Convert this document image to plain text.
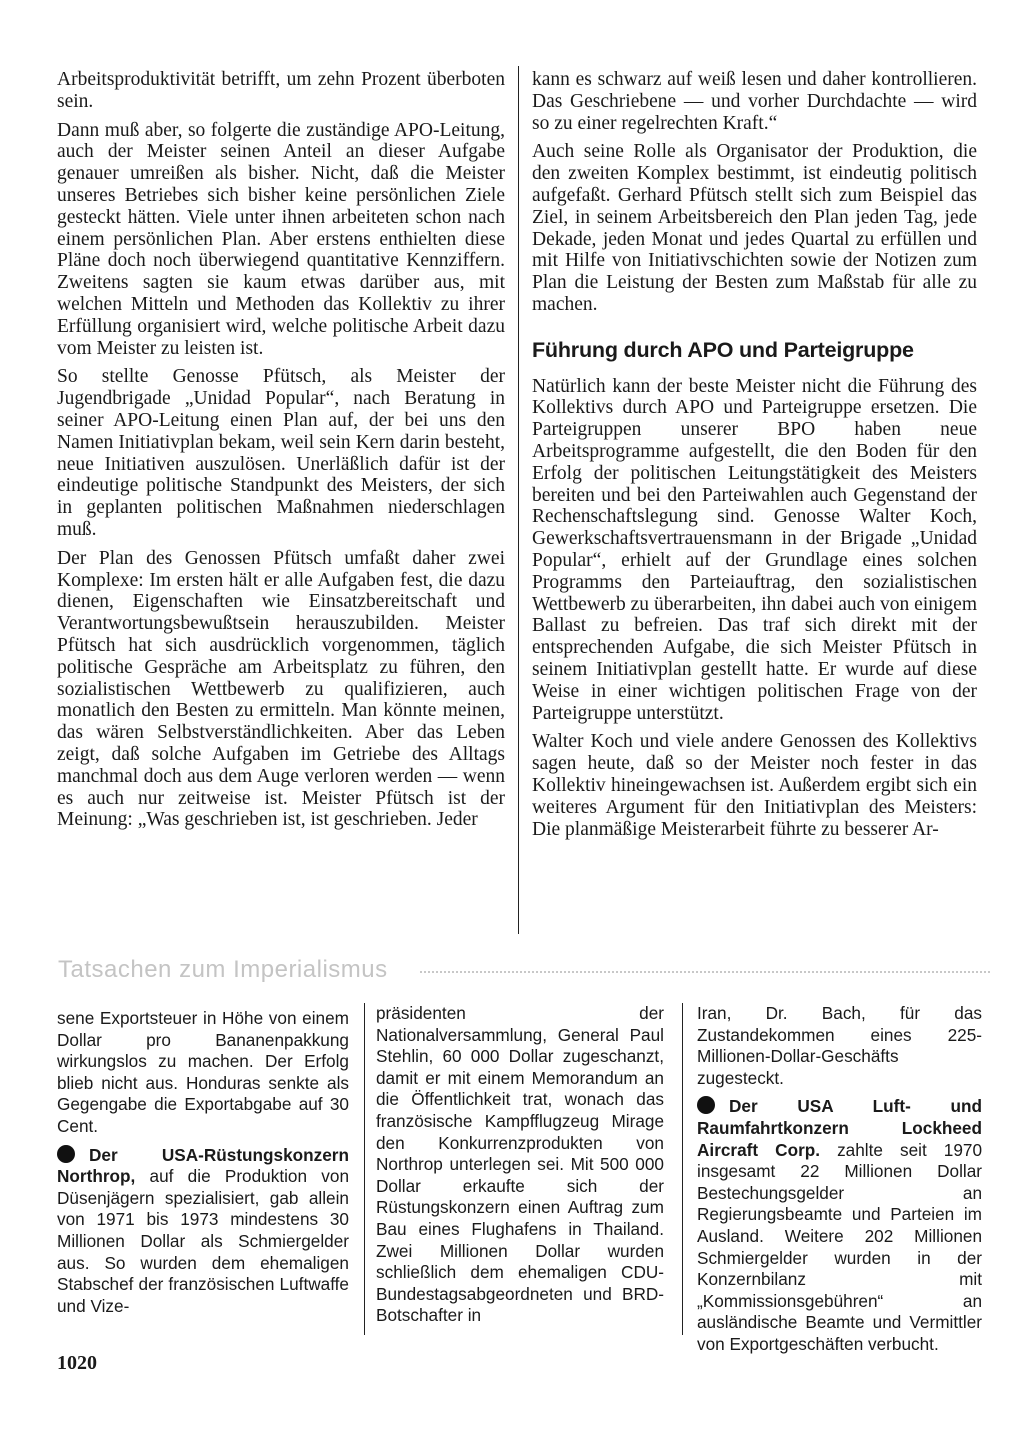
Arbeitsproduktivität betrifft, um zehn Prozent überboten sein.

Dann muß aber, so folgerte die zuständige APO-Leitung, auch der Meister seinen Anteil an dieser Aufgabe genauer umreißen als bisher. Nicht, daß die Meister unseres Betriebes sich bisher keine persönlichen Ziele gesteckt hätten. Viele unter ihnen arbeiteten schon nach einem persönlichen Plan. Aber erstens enthielten diese Pläne doch noch überwiegend quantitative Kennziffern. Zweitens sagten sie kaum etwas darüber aus, mit welchen Mitteln und Methoden das Kollektiv zu ihrer Erfüllung organisiert wird, welche politische Arbeit dazu vom Meister zu leisten ist.

So stellte Genosse Pfütsch, als Meister der Jugendbrigade „Unidad Popular“, nach Beratung in seiner APO-Leitung einen Plan auf, der bei uns den Namen Initiativplan bekam, weil sein Kern darin besteht, neue Initiativen auszulösen. Unerläßlich dafür ist der eindeutige politische Standpunkt des Meisters, der sich in geplanten politischen Maßnahmen niederschlagen muß.

Der Plan des Genossen Pfütsch umfaßt daher zwei Komplexe: Im ersten hält er alle Aufgaben fest, die dazu dienen, Eigenschaften wie Einsatzbereitschaft und Verantwortungsbewußtsein herauszubilden. Meister Pfütsch hat sich ausdrücklich vorgenommen, täglich politische Gespräche am Arbeitsplatz zu führen, den sozialistischen Wettbewerb zu qualifizieren, auch monatlich den Besten zu ermitteln. Man könnte meinen, das wären Selbstverständlichkeiten. Aber das Leben zeigt, daß solche Aufgaben im Getriebe des Alltags manchmal doch aus dem Auge verloren werden — wenn es auch nur zeitweise ist. Meister Pfütsch ist der Meinung: „Was geschrieben ist, ist geschrieben. Jeder

kann es schwarz auf weiß lesen und daher kontrollieren. Das Geschriebene — und vorher Durchdachte — wird so zu einer regelrechten Kraft.“

Auch seine Rolle als Organisator der Produktion, die den zweiten Komplex bestimmt, ist eindeutig politisch aufgefaßt. Gerhard Pfütsch stellt sich zum Beispiel das Ziel, in seinem Arbeitsbereich den Plan jeden Tag, jede Dekade, jeden Monat und jedes Quartal zu erfüllen und mit Hilfe von Initiativschichten sowie der Notizen zum Plan die Leistung der Besten zum Maßstab für alle zu machen.

Führung durch APO und Parteigruppe

Natürlich kann der beste Meister nicht die Führung des Kollektivs durch APO und Parteigruppe ersetzen. Die Parteigruppen unserer BPO haben neue Arbeitsprogramme aufgestellt, die den Boden für den Erfolg der politischen Leitungstätigkeit des Meisters bereiten und bei den Parteiwahlen auch Gegenstand der Rechenschaftslegung sind. Genosse Walter Koch, Gewerkschaftsvertrauensmann in der Brigade „Unidad Popular“, erhielt auf der Grundlage eines solchen Programms den Parteiauftrag, den sozialistischen Wettbewerb zu überarbeiten, ihn dabei auch von einigem Ballast zu befreien. Das traf sich direkt mit der entsprechenden Aufgabe, die sich Meister Pfütsch in seinem Initiativplan gestellt hatte. Er wurde auf diese Weise in einer wichtigen politischen Frage von der Parteigruppe unterstützt.

Walter Koch und viele andere Genossen des Kollektivs sagen heute, daß so der Meister noch fester in das Kollektiv hineingewachsen ist. Außerdem ergibt sich ein weiteres Argument für den Initiativplan des Meisters: Die planmäßige Meisterarbeit führte zu besserer Ar-

Tatsachen zum Imperialismus

sene Exportsteuer in Höhe von einem Dollar pro Bananenpakkung wirkungslos zu machen. Der Erfolg blieb nicht aus. Honduras senkte als Gegengabe die Exportabgabe auf 30 Cent.

Der USA-Rüstungskonzern Northrop, auf die Produktion von Düsenjägern spezialisiert, gab allein von 1971 bis 1973 mindestens 30 Millionen Dollar als Schmiergelder aus. So wurden dem ehemaligen Stabschef der französischen Luftwaffe und Vize-

präsidenten der Nationalversammlung, General Paul Stehlin, 60 000 Dollar zugeschanzt, damit er mit einem Memorandum an die Öffentlichkeit trat, wonach das französische Kampfflugzeug Mirage den Konkurrenzprodukten von Northrop unterlegen sei. Mit 500 000 Dollar erkaufte sich der Rüstungskonzern einen Auftrag zum Bau eines Flughafens in Thailand. Zwei Millionen Dollar wurden schließlich dem ehemaligen CDU-Bundestagsabgeordneten und BRD-Botschafter in

Iran, Dr. Bach, für das Zustandekommen eines 225-Millionen-Dollar-Geschäfts zugesteckt.

Der USA Luft- und Raumfahrtkonzern Lockheed Aircraft Corp. zahlte seit 1970 insgesamt 22 Millionen Dollar Bestechungsgelder an Regierungsbeamte und Parteien im Ausland. Weitere 202 Millionen Schmiergelder wurden in der Konzernbilanz mit „Kommissionsgebühren“ an ausländische Beamte und Vermittler von Exportgeschäften verbucht.

1020
